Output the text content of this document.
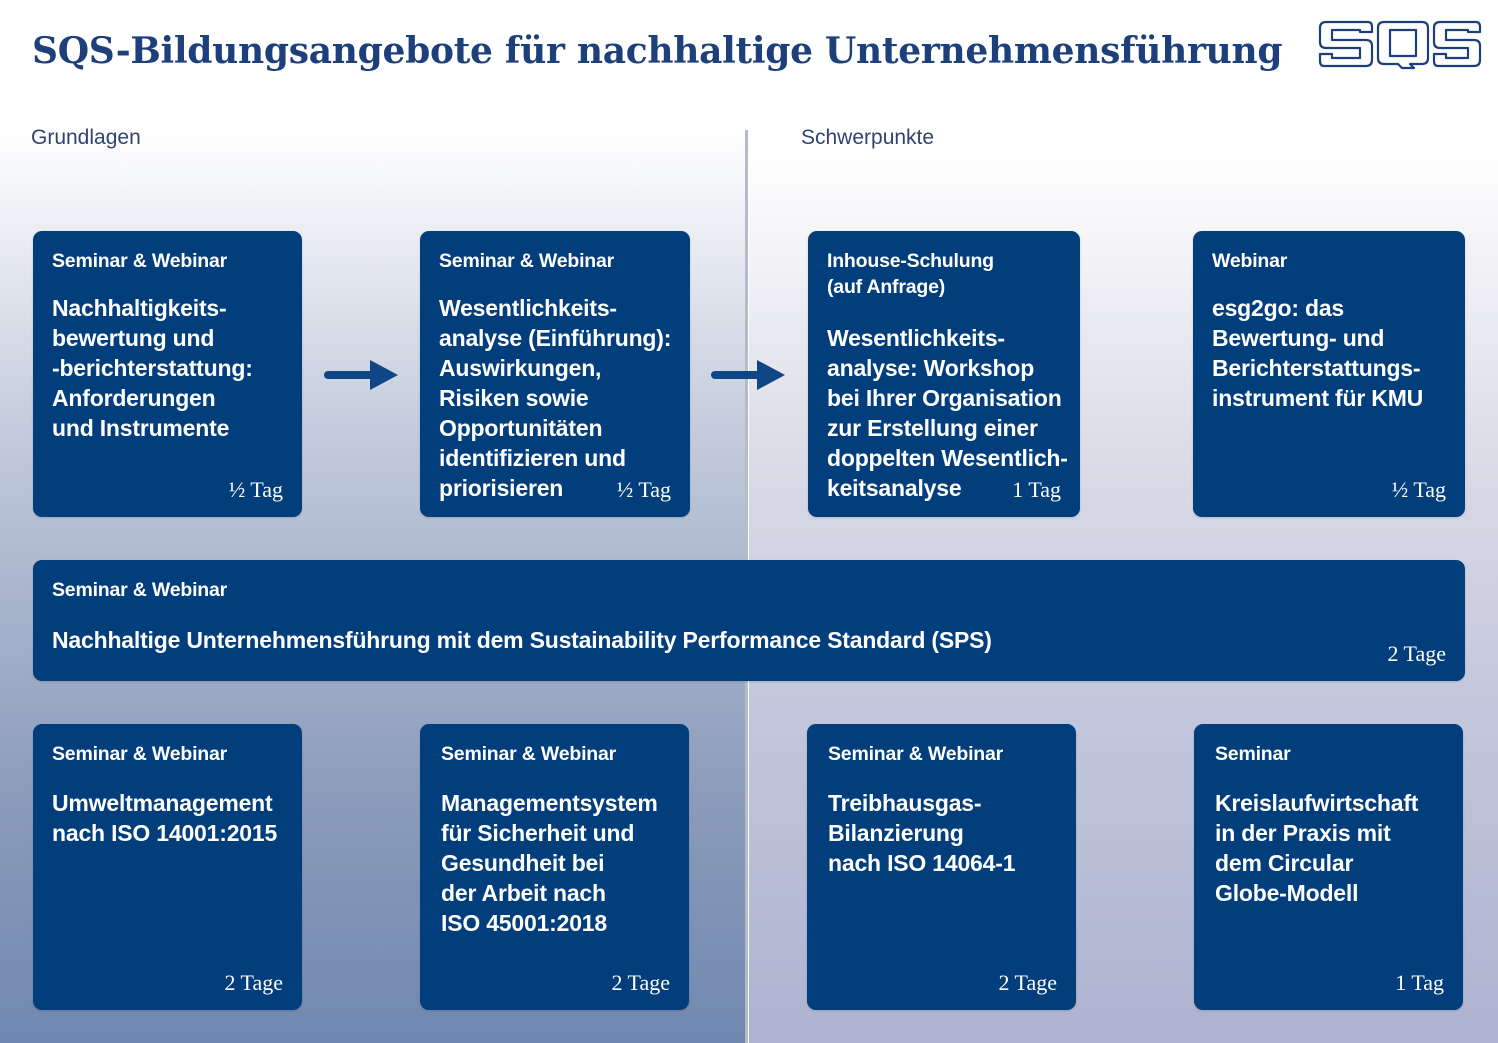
SQS-Bildungsangebote für nachhaltige Unternehmensführung
Grundlagen	Schwerpunkte
Seminar & Webinar
Nachhaltigkeits-
bewertung und
-berichterstattung:
Anforderungen
und Instrumente
½ Tag
Seminar & Webinar
Wesentlichkeits-
analyse (Einführung):
Auswirkungen,
Risiken sowie
Opportunitäten
identifizieren und
priorisieren	½ Tag
Inhouse-Schulung
(auf Anfrage)
Wesentlichkeits-
analyse: Workshop
bei Ihrer Organisation
zur Erstellung einer
doppelten Wesentlich-
keitsanalyse	1 Tag
Webinar
esg2go: das
Bewertung- und
Berichterstattungs-
instrument für KMU
½ Tag
Seminar & Webinar
Nachhaltige Unternehmensführung mit dem Sustainability Performance Standard (SPS)
2 Tage
Seminar & Webinar
Umweltmanagement
nach ISO 14001:2015
2 Tage
Seminar & Webinar
Managementsystem
für Sicherheit und
Gesundheit bei
der Arbeit nach
ISO 45001:2018
2 Tage
Seminar & Webinar
Treibhausgas-
Bilanzierung
nach ISO 14064-1
2 Tage
Seminar
Kreislaufwirtschaft
in der Praxis mit
dem Circular
Globe-Modell
1 Tag
